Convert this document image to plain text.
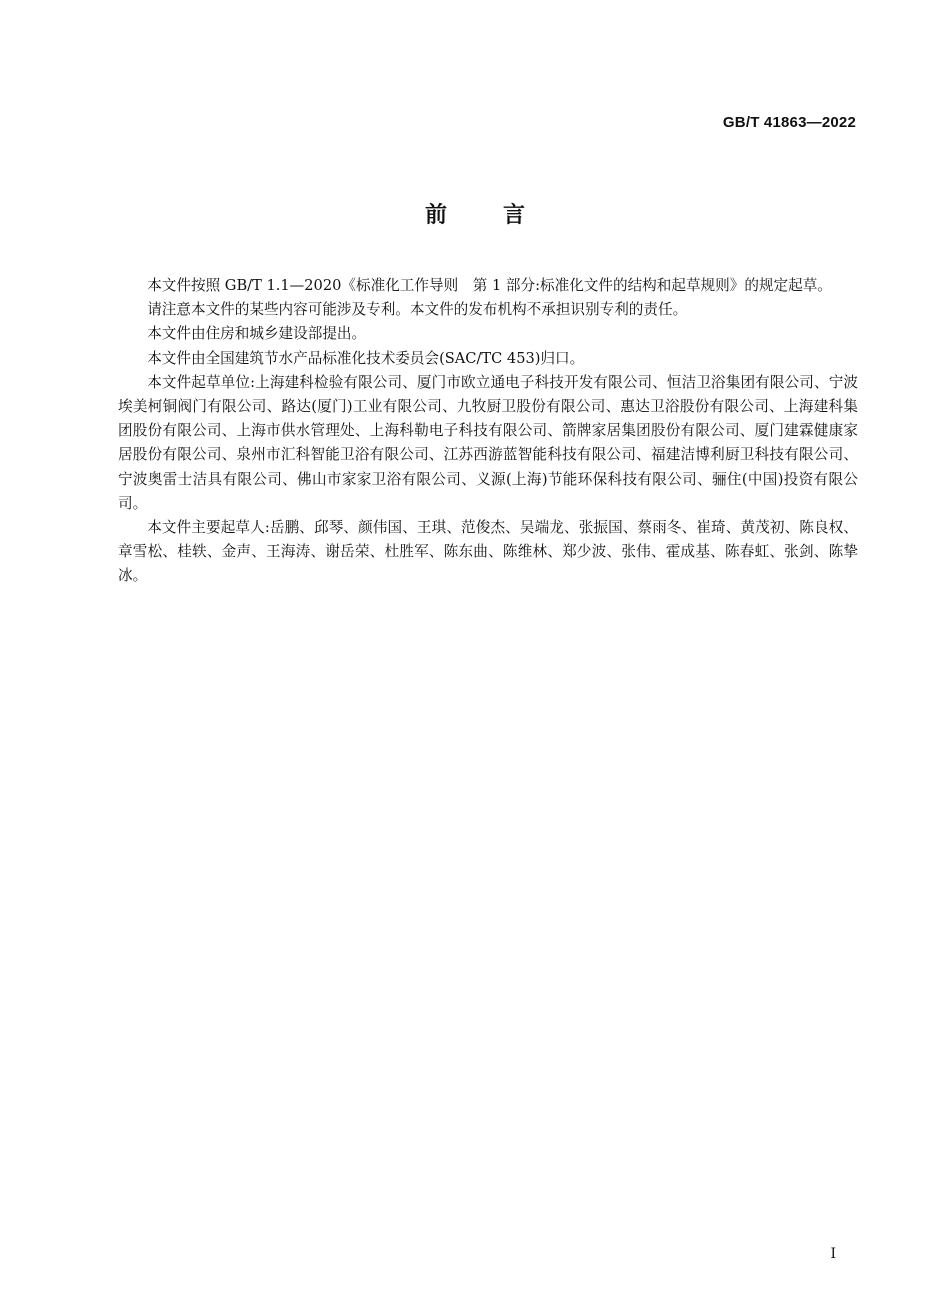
GB/T 41863—2022
前言

本文件按照 GB/T 1.1—2020《标准化工作导则　第 1 部分:标准化文件的结构和起草规则》的规定起草。

请注意本文件的某些内容可能涉及专利。本文件的发布机构不承担识别专利的责任。

本文件由住房和城乡建设部提出。

本文件由全国建筑节水产品标准化技术委员会(SAC/TC 453)归口。

本文件起草单位:上海建科检验有限公司、厦门市欧立通电子科技开发有限公司、恒洁卫浴集团有限公司、宁波埃美柯铜阀门有限公司、路达(厦门)工业有限公司、九牧厨卫股份有限公司、惠达卫浴股份有限公司、上海建科集团股份有限公司、上海市供水管理处、上海科勒电子科技有限公司、箭牌家居集团股份有限公司、厦门建霖健康家居股份有限公司、泉州市汇科智能卫浴有限公司、江苏西游蓝智能科技有限公司、福建洁博利厨卫科技有限公司、宁波奥雷士洁具有限公司、佛山市家家卫浴有限公司、义源(上海)节能环保科技有限公司、骊住(中国)投资有限公司。

本文件主要起草人:岳鹏、邱琴、颜伟国、王琪、范俊杰、吴端龙、张振国、蔡雨冬、崔琦、黄茂初、陈良权、章雪松、桂轶、金声、王海涛、谢岳荣、杜胜军、陈东曲、陈维林、郑少波、张伟、霍成基、陈春虹、张剑、陈挚冰。

I
